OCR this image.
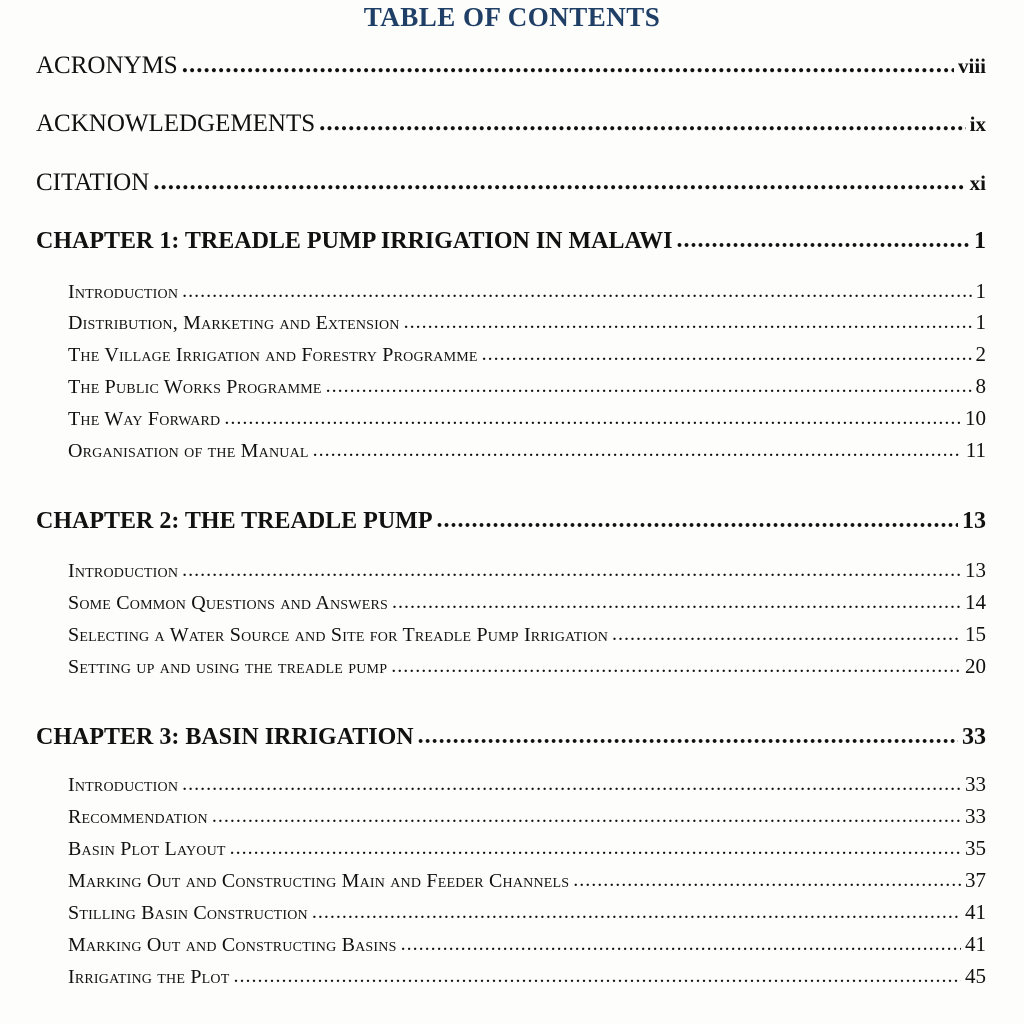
TABLE OF CONTENTS
ACRONYMS .....	viii
ACKNOWLEDGEMENTS .....	ix
CITATION .....	xi
CHAPTER 1: TREADLE PUMP IRRIGATION IN MALAWI .....	1
Introduction .....	1
Distribution, Marketing and Extension .....	1
The Village Irrigation and Forestry Programme .....	2
The Public Works Programme .....	8
The Way Forward .....	10
Organisation of the Manual .....	11
CHAPTER 2: THE TREADLE PUMP .....	13
Introduction .....	13
Some Common Questions and Answers .....	14
Selecting a Water Source and Site for Treadle Pump Irrigation .....	15
Setting up and using the treadle pump .....	20
CHAPTER 3: BASIN IRRIGATION .....	33
Introduction .....	33
Recommendation .....	33
Basin Plot Layout .....	35
Marking Out and Constructing Main and Feeder Channels .....	37
Stilling Basin Construction .....	41
Marking Out and Constructing Basins .....	41
Irrigating the Plot .....	45
